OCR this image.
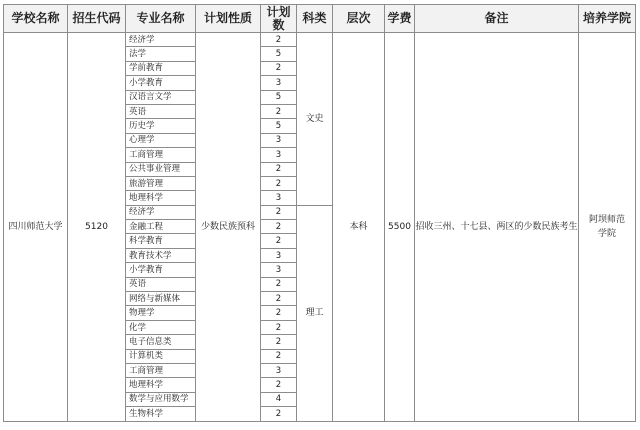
学校名称	招生代码	专业名称	计划性质	计划数	科类	层次	学费	备注	培养学院
四川师范大学	5120	经济学	少数民族预科	2	文史	本科	5500	招收三州、十七县、两区的少数民族考生	阿坝师范学院
		法学		5					
		学前教育		2					
		小学教育		3					
		汉语言文学		5					
		英语		2					
		历史学		5					
		心理学		3					
		工商管理		3					
		公共事业管理		2					
		旅游管理		2					
		地理科学		3					
		经济学		2	理工				
		金融工程		2					
		科学教育		2					
		教育技术学		3					
		小学教育		3					
		英语		2					
		网络与新媒体		2					
		物理学		2					
		化学		2					
		电子信息类		2					
		计算机类		2					
		工商管理		3					
		地理科学		2					
		数学与应用数学		4					
		生物科学		2					
